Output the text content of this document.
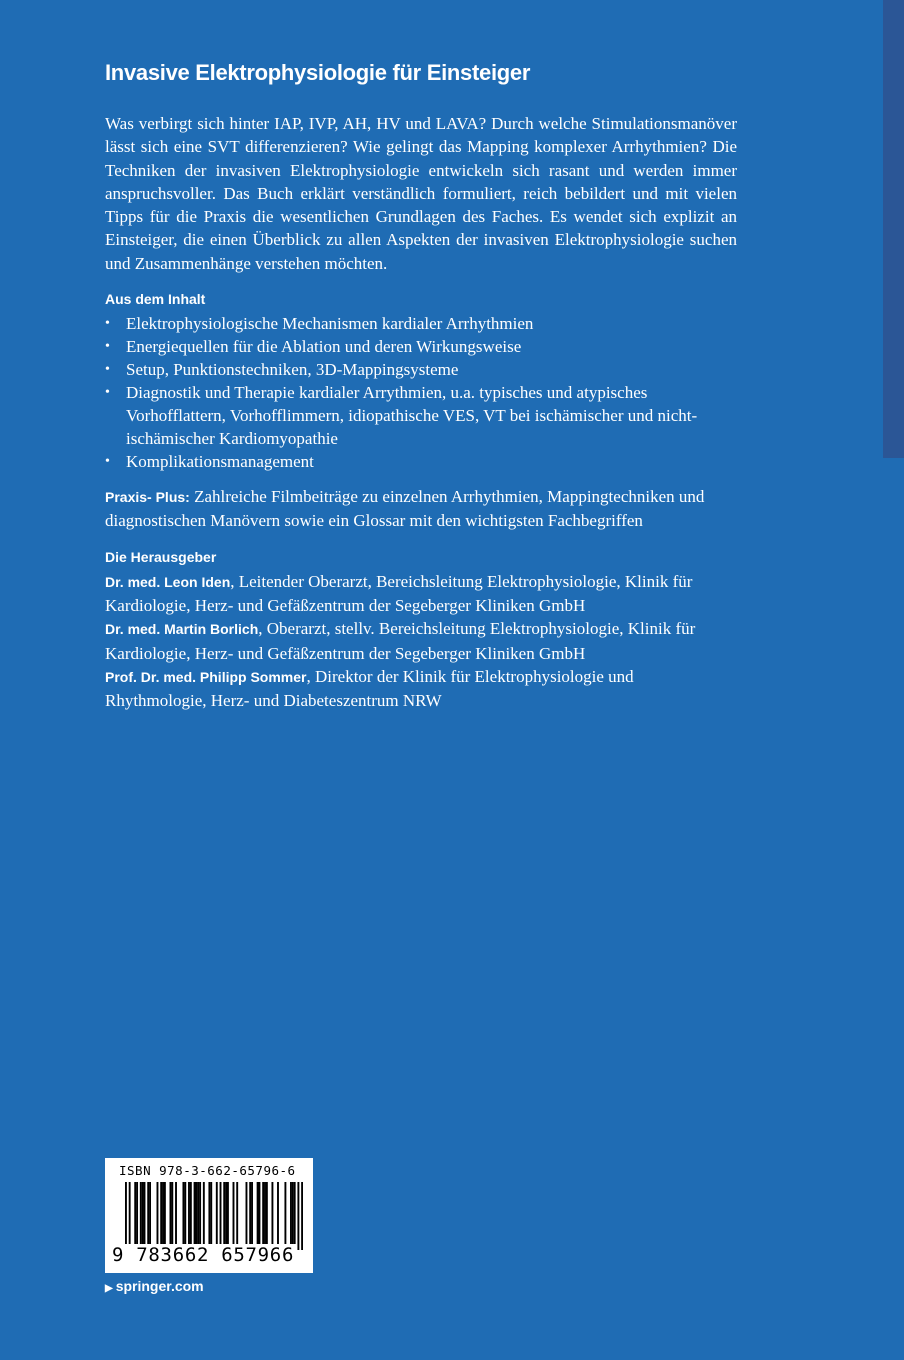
Invasive Elektrophysiologie für Einsteiger

Was verbirgt sich hinter IAP, IVP, AH, HV und LAVA? Durch welche Stimulationsmanöver lässt sich eine SVT differenzieren? Wie gelingt das Mapping komplexer Arrhythmien? Die Techniken der invasiven Elektrophysiologie entwickeln sich rasant und werden immer anspruchsvoller. Das Buch erklärt verständlich formuliert, reich bebildert und mit vielen Tipps für die Praxis die wesentlichen Grundlagen des Faches. Es wendet sich explizit an Einsteiger, die einen Überblick zu allen Aspekten der invasiven Elektrophysiologie suchen und Zusammenhänge verstehen möchten.

Aus dem Inhalt
• Elektrophysiologische Mechanismen kardialer Arrhythmien
• Energiequellen für die Ablation und deren Wirkungsweise
• Setup, Punktionstechniken, 3D-Mappingsysteme
• Diagnostik und Therapie kardialer Arrythmien, u.a. typisches und atypisches Vorhofflattern, Vorhofflimmern, idiopathische VES, VT bei ischämischer und nicht-ischämischer Kardiomyopathie
• Komplikationsmanagement

Praxis- Plus: Zahlreiche Filmbeiträge zu einzelnen Arrhythmien, Mappingtechniken und diagnostischen Manövern sowie ein Glossar mit den wichtigsten Fachbegriffen

Die Herausgeber

Dr. med. Leon Iden, Leitender Oberarzt, Bereichsleitung Elektrophysiologie, Klinik für Kardiologie, Herz- und Gefäßzentrum der Segeberger Kliniken GmbH

Dr. med. Martin Borlich, Oberarzt, stellv. Bereichsleitung Elektrophysiologie, Klinik für Kardiologie, Herz- und Gefäßzentrum der Segeberger Kliniken GmbH

Prof. Dr. med. Philipp Sommer, Direktor der Klinik für Elektrophysiologie und Rhythmologie, Herz- und Diabeteszentrum NRW

ISBN 978-3-662-65796-6
9 783662 657966
▶ springer.com
